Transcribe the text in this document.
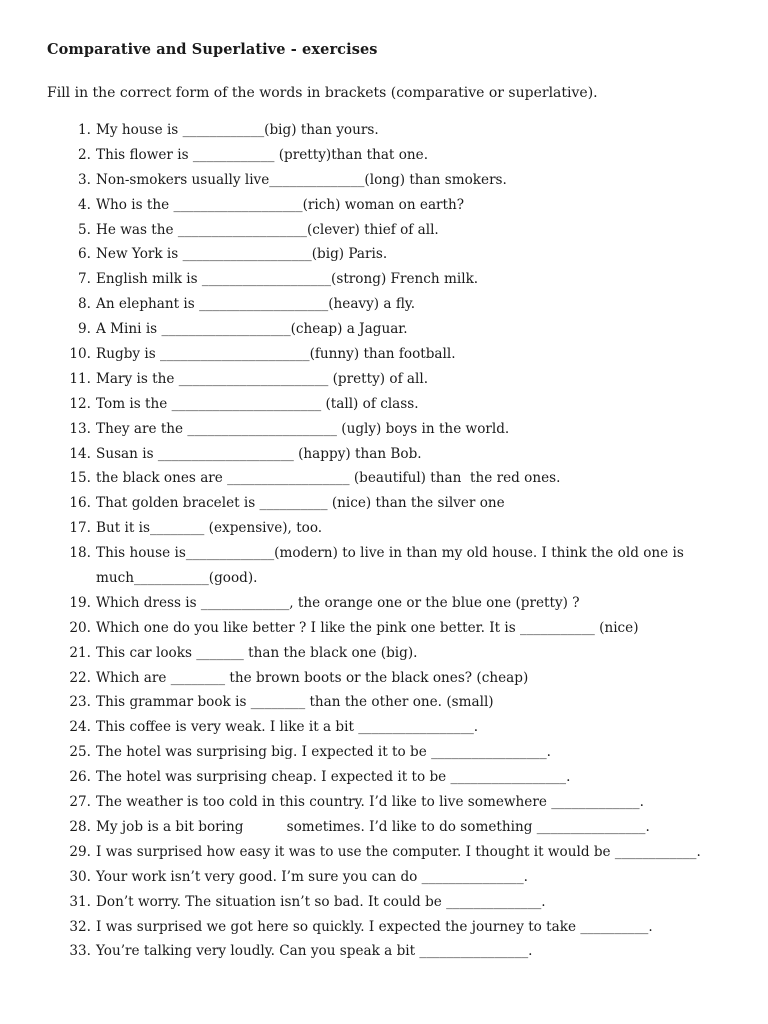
Comparative and Superlative - exercises
Fill in the correct form of the words in brackets (comparative or superlative).
1. My house is ____________(big) than yours.
2. This flower is ____________ (pretty)than that one.
3. Non-smokers usually live______________(long) than smokers.
4. Who is the ___________________(rich) woman on earth?
5. He was the ___________________(clever) thief of all.
6. New York is ___________________(big) Paris.
7. English milk is ___________________(strong) French milk.
8. An elephant is ___________________(heavy) a fly.
9. A Mini is ___________________(cheap) a Jaguar.
10. Rugby is ______________________(funny) than football.
11. Mary is the ______________________ (pretty) of all.
12. Tom is the ______________________ (tall) of class.
13. They are the ______________________ (ugly) boys in the world.
14. Susan is ____________________ (happy) than Bob.
15. the black ones are __________________ (beautiful) than  the red ones.
16. That golden bracelet is __________ (nice) than the silver one
17. But it is________ (expensive), too.
18. This house is_____________(modern) to live in than my old house. I think the old one is
much___________(good).
19. Which dress is _____________, the orange one or the blue one (pretty) ?
20. Which one do you like better ? I like the pink one better. It is ___________ (nice)
21. This car looks _______ than the black one (big).
22. Which are ________ the brown boots or the black ones? (cheap)
23. This grammar book is ________ than the other one. (small)
24. This coffee is very weak. I like it a bit _________________.
25. The hotel was surprising big. I expected it to be _________________.
26. The hotel was surprising cheap. I expected it to be _________________.
27. The weather is too cold in this country. I’d like to live somewhere _____________.
28. My job is a bit boring          sometimes. I’d like to do something ________________.
29. I was surprised how easy it was to use the computer. I thought it would be ____________.
30. Your work isn’t very good. I’m sure you can do _______________.
31. Don’t worry. The situation isn’t so bad. It could be ______________.
32. I was surprised we got here so quickly. I expected the journey to take __________.
33. You’re talking very loudly. Can you speak a bit ________________.
